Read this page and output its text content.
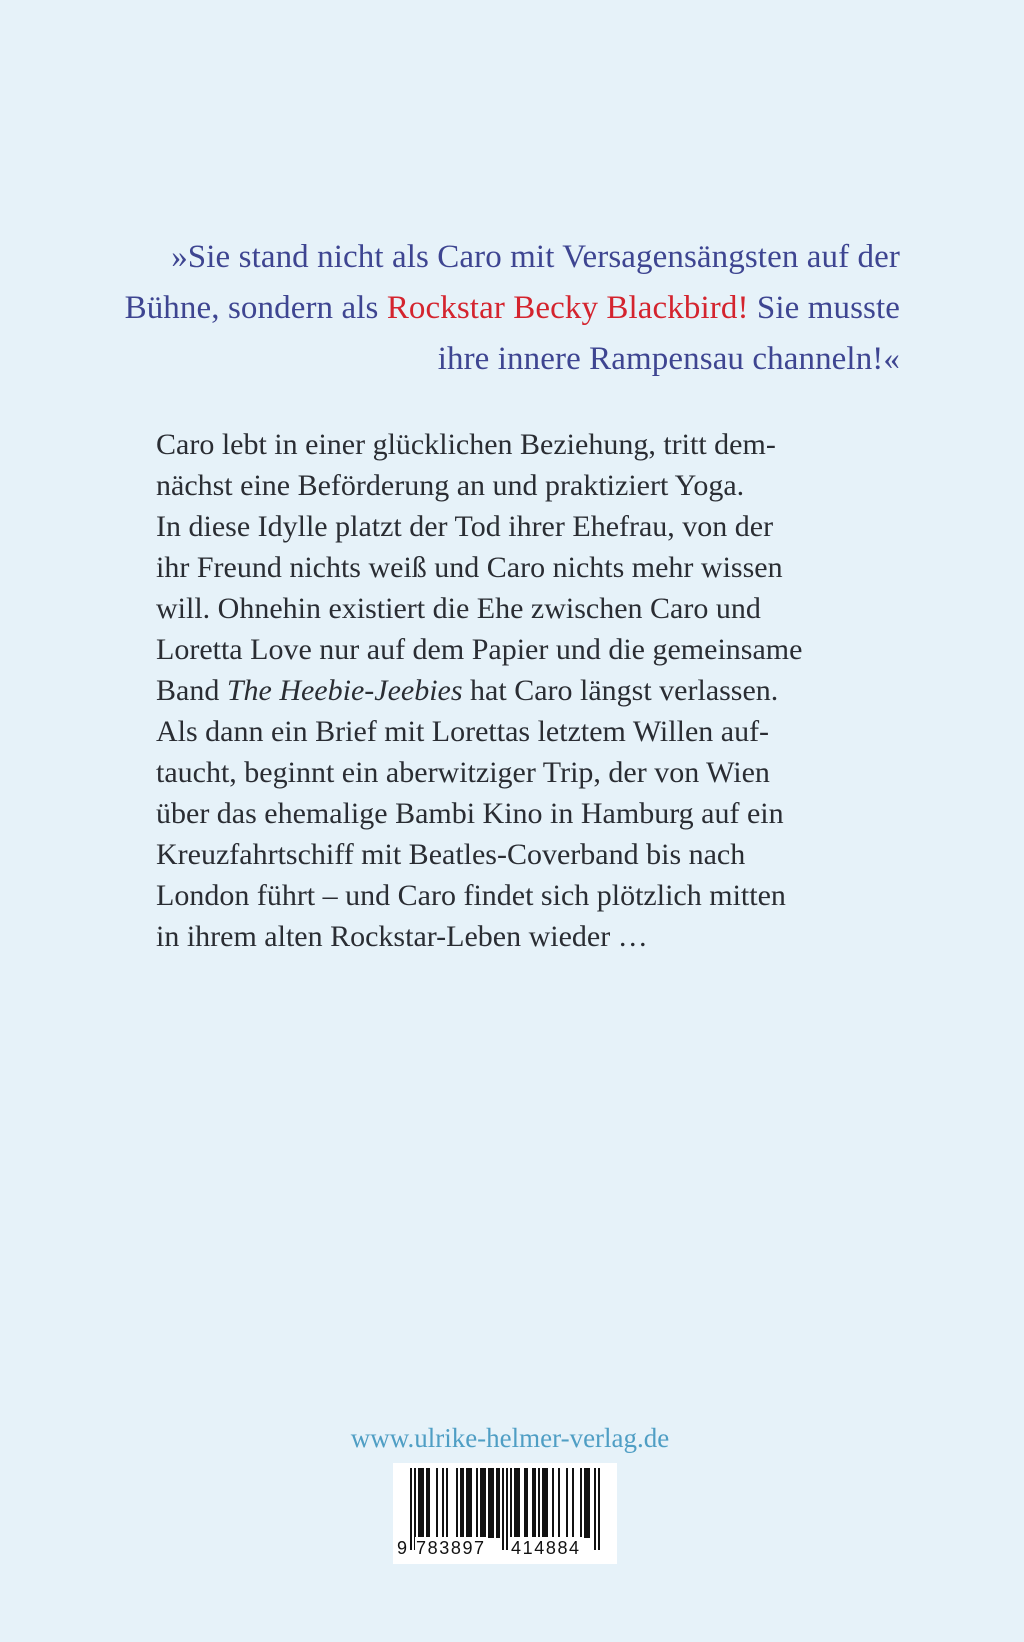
»Sie stand nicht als Caro mit Versagensängsten auf der Bühne, sondern als Rockstar Becky Blackbird! Sie musste ihre innere Rampensau channeln!«

Caro lebt in einer glücklichen Beziehung, tritt dem-
nächst eine Beförderung an und praktiziert Yoga.
In diese Idylle platzt der Tod ihrer Ehefrau, von der
ihr Freund nichts weiß und Caro nichts mehr wissen
will. Ohnehin existiert die Ehe zwischen Caro und
Loretta Love nur auf dem Papier und die gemeinsame
Band The Heebie-Jeebies hat Caro längst verlassen.
Als dann ein Brief mit Lorettas letztem Willen auf-
taucht, beginnt ein aberwitziger Trip, der von Wien
über das ehemalige Bambi Kino in Hamburg auf ein
Kreuzfahrtschiff mit Beatles-Coverband bis nach
London führt – und Caro findet sich plötzlich mitten
in ihrem alten Rockstar-Leben wieder …

www.ulrike-helmer-verlag.de
9 783897 414884
